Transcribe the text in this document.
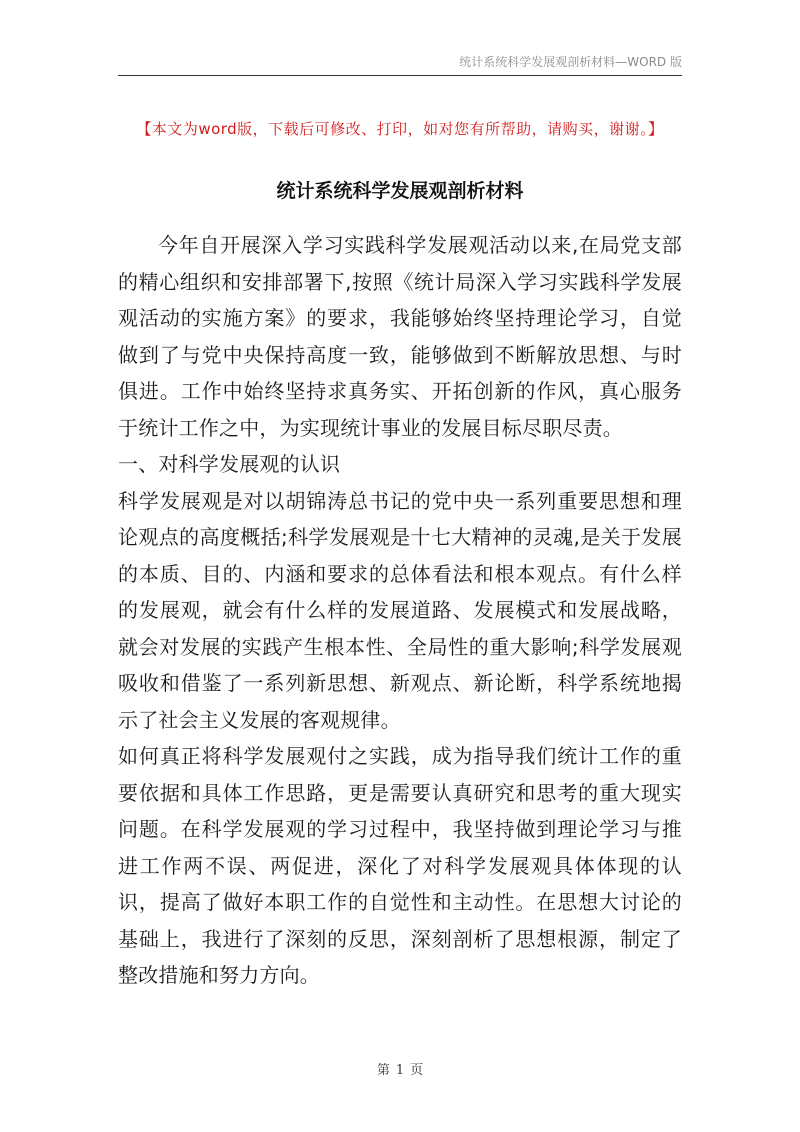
统计系统科学发展观剖析材料—WORD 版
【本文为word版，下载后可修改、打印，如对您有所帮助，请购买，谢谢。】
统计系统科学发展观剖析材料

今年自开展深入学习实践科学发展观活动以来,在局党支部的精心组织和安排部署下,按照《统计局深入学习实践科学发展观活动的实施方案》的要求，我能够始终坚持理论学习，自觉做到了与党中央保持高度一致，能够做到不断解放思想、与时俱进。工作中始终坚持求真务实、开拓创新的作风，真心服务于统计工作之中，为实现统计事业的发展目标尽职尽责。

一、对科学发展观的认识

科学发展观是对以胡锦涛总书记的党中央一系列重要思想和理论观点的高度概括;科学发展观是十七大精神的灵魂,是关于发展的本质、目的、内涵和要求的总体看法和根本观点。有什么样的发展观，就会有什么样的发展道路、发展模式和发展战略，就会对发展的实践产生根本性、全局性的重大影响;科学发展观吸收和借鉴了一系列新思想、新观点、新论断，科学系统地揭示了社会主义发展的客观规律。

如何真正将科学发展观付之实践，成为指导我们统计工作的重要依据和具体工作思路，更是需要认真研究和思考的重大现实问题。在科学发展观的学习过程中，我坚持做到理论学习与推进工作两不误、两促进，深化了对科学发展观具体体现的认识，提高了做好本职工作的自觉性和主动性。在思想大讨论的基础上，我进行了深刻的反思，深刻剖析了思想根源，制定了整改措施和努力方向。

第 1 页
